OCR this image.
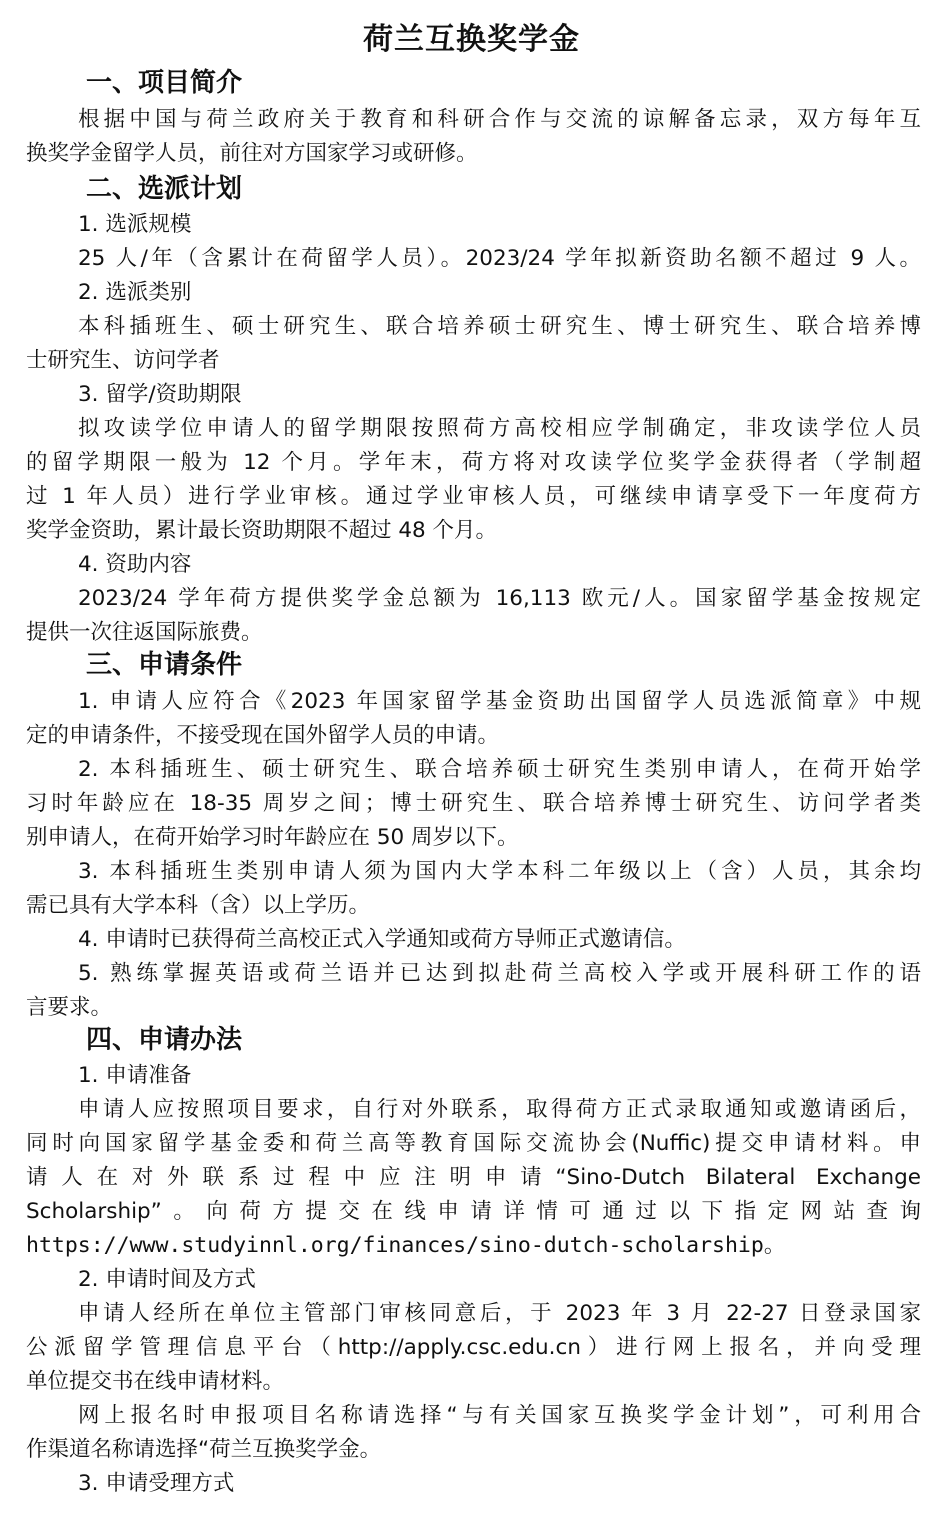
荷兰互换奖学金
一、项目简介
根据中国与荷兰政府关于教育和科研合作与交流的谅解备忘录，双方每年互
换奖学金留学人员，前往对方国家学习或研修。
二、选派计划
1. 选派规模
25 人/年（含累计在荷留学人员）。2023/24 学年拟新资助名额不超过 9 人。
2. 选派类别
本科插班生、硕士研究生、联合培养硕士研究生、博士研究生、联合培养博
士研究生、访问学者
3. 留学/资助期限
拟攻读学位申请人的留学期限按照荷方高校相应学制确定，非攻读学位人员
的留学期限一般为 12 个月。学年末，荷方将对攻读学位奖学金获得者（学制超
过 1 年人员）进行学业审核。通过学业审核人员，可继续申请享受下一年度荷方
奖学金资助，累计最长资助期限不超过 48 个月。
4. 资助内容
2023/24 学年荷方提供奖学金总额为 16,113 欧元/人。国家留学基金按规定
提供一次往返国际旅费。
三、申请条件
1. 申请人应符合《2023 年国家留学基金资助出国留学人员选派简章》中规
定的申请条件，不接受现在国外留学人员的申请。
2. 本科插班生、硕士研究生、联合培养硕士研究生类别申请人，在荷开始学
习时年龄应在 18-35 周岁之间；博士研究生、联合培养博士研究生、访问学者类
别申请人，在荷开始学习时年龄应在 50 周岁以下。
3. 本科插班生类别申请人须为国内大学本科二年级以上（含）人员，其余均
需已具有大学本科（含）以上学历。
4. 申请时已获得荷兰高校正式入学通知或荷方导师正式邀请信。
5. 熟练掌握英语或荷兰语并已达到拟赴荷兰高校入学或开展科研工作的语
言要求。
四、申请办法
1. 申请准备
申请人应按照项目要求，自行对外联系，取得荷方正式录取通知或邀请函后，
同时向国家留学基金委和荷兰高等教育国际交流协会(Nuffic)提交申请材料。申
请人在对外联系过程中应注明申请“Sino-Dutch Bilateral Exchange
Scholarship”。向荷方提交在线申请详情可通过以下指定网站查询
https://www.studyinnl.org/finances/sino-dutch-scholarship。
2. 申请时间及方式
申请人经所在单位主管部门审核同意后，于 2023 年 3 月 22-27 日登录国家
公派留学管理信息平台（http://apply.csc.edu.cn）进行网上报名，并向受理
单位提交书在线申请材料。
网上报名时申报项目名称请选择“与有关国家互换奖学金计划”，可利用合
作渠道名称请选择“荷兰互换奖学金。
3. 申请受理方式
